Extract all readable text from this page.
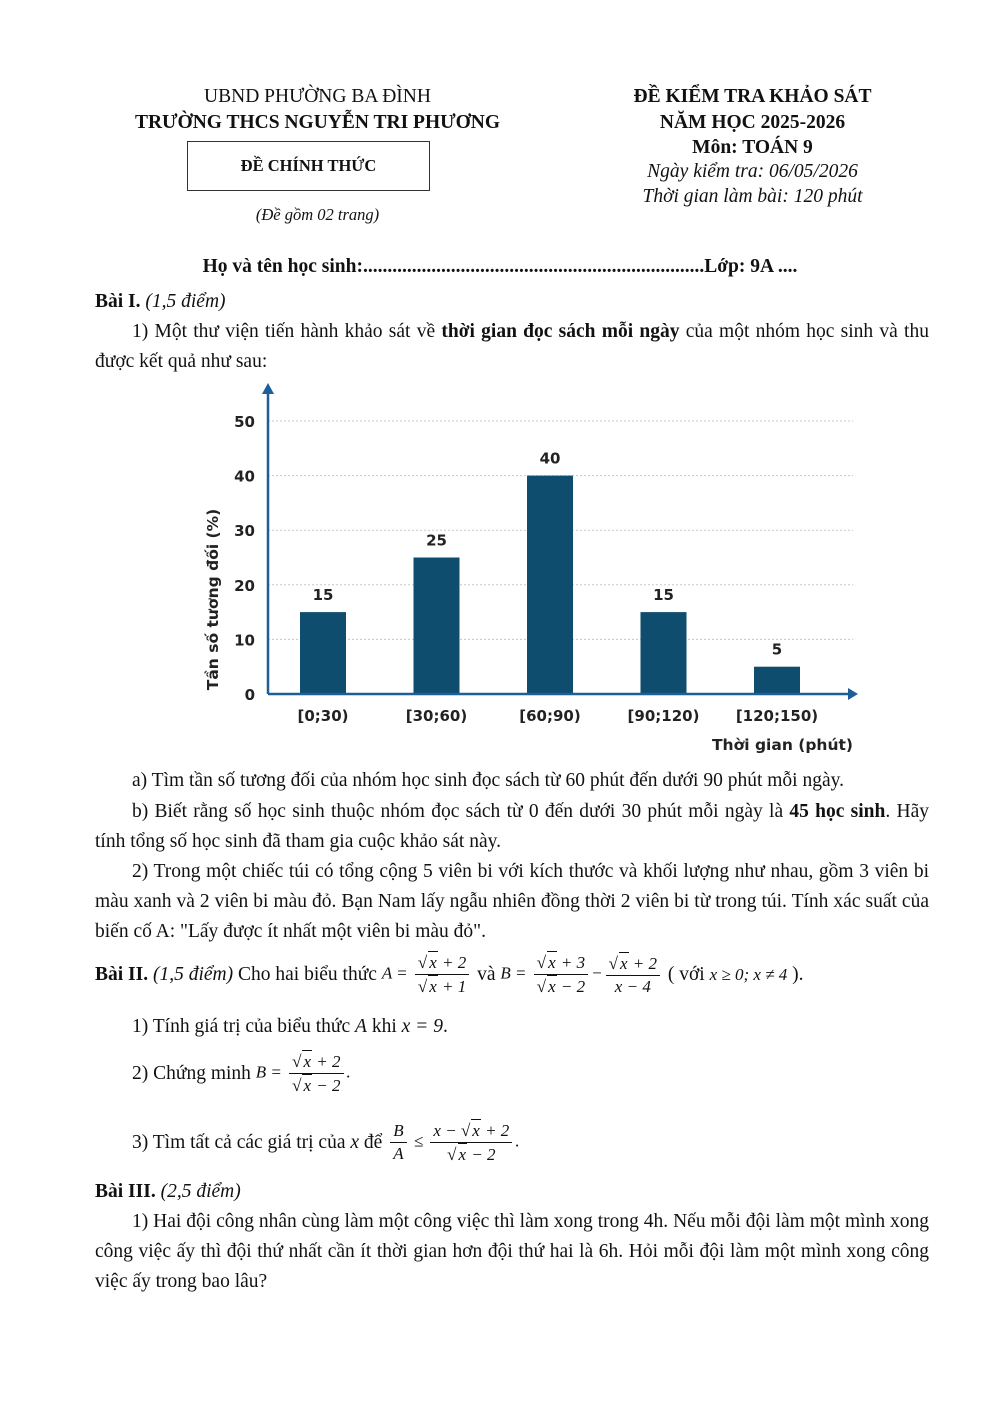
UBND PHƯỜNG BA ĐÌNH
TRƯỜNG THCS NGUYỄN TRI PHƯƠNG
ĐỀ CHÍNH THỨC
(Đề gồm 02 trang)
ĐỀ KIỂM TRA KHẢO SÁT
NĂM HỌC 2025-2026
Môn: TOÁN 9
Ngày kiểm tra: 06/05/2026
Thời gian làm bài: 120 phút
Họ và tên học sinh:......................................................................Lớp: 9A ....
Bài I. (1,5 điểm)
1) Một thư viện tiến hành khảo sát về thời gian đọc sách mỗi ngày của một nhóm học sinh và thu được kết quả như sau:
0
10
20
30
40
50
15
[0;30)
25
[30;60)
40
[60;90)
15
[90;120)
5
[120;150)
Tần số tương đối (%)
Thời gian (phút)
a) Tìm tần số tương đối của nhóm học sinh đọc sách từ 60 phút đến dưới 90 phút mỗi ngày.
b) Biết rằng số học sinh thuộc nhóm đọc sách từ 0 đến dưới 30 phút mỗi ngày là 45 học sinh. Hãy tính tổng số học sinh đã tham gia cuộc khảo sát này.
2) Trong một chiếc túi có tổng cộng 5 viên bi với kích thước và khối lượng như nhau, gồm 3 viên bi màu xanh và 2 viên bi màu đỏ. Bạn Nam lấy ngẫu nhiên đồng thời 2 viên bi từ trong túi. Tính xác suất của biến cố A: "Lấy được ít nhất một viên bi màu đỏ".
Bài II.
(1,5 điểm)
Cho hai biểu thức
$A = \frac{√ x + 2}{√ x + 1}$
và
$B = \frac{√ x + 3}{√ x - 2} - \frac{√ x + 2}{x - 4}$
( với
x ≥ 0; x ≠ 4
).
1) Tính giá trị của biểu thức A khi x = 9.
2) Chứng minh
$B = \frac{√ x + 2}{√ x - 2}$ .
3) Tìm tất cả các giá trị của
x
để
$\frac{B}{A} \le \frac{x - √ x + 2}{√ x - 2}$ .
Bài III. (2,5 điểm)
1) Hai đội công nhân cùng làm một công việc thì làm xong trong 4h. Nếu mỗi đội làm một mình xong công việc ấy thì đội thứ nhất cần ít thời gian hơn đội thứ hai là 6h. Hỏi mỗi đội làm một mình xong công việc ấy trong bao lâu?
